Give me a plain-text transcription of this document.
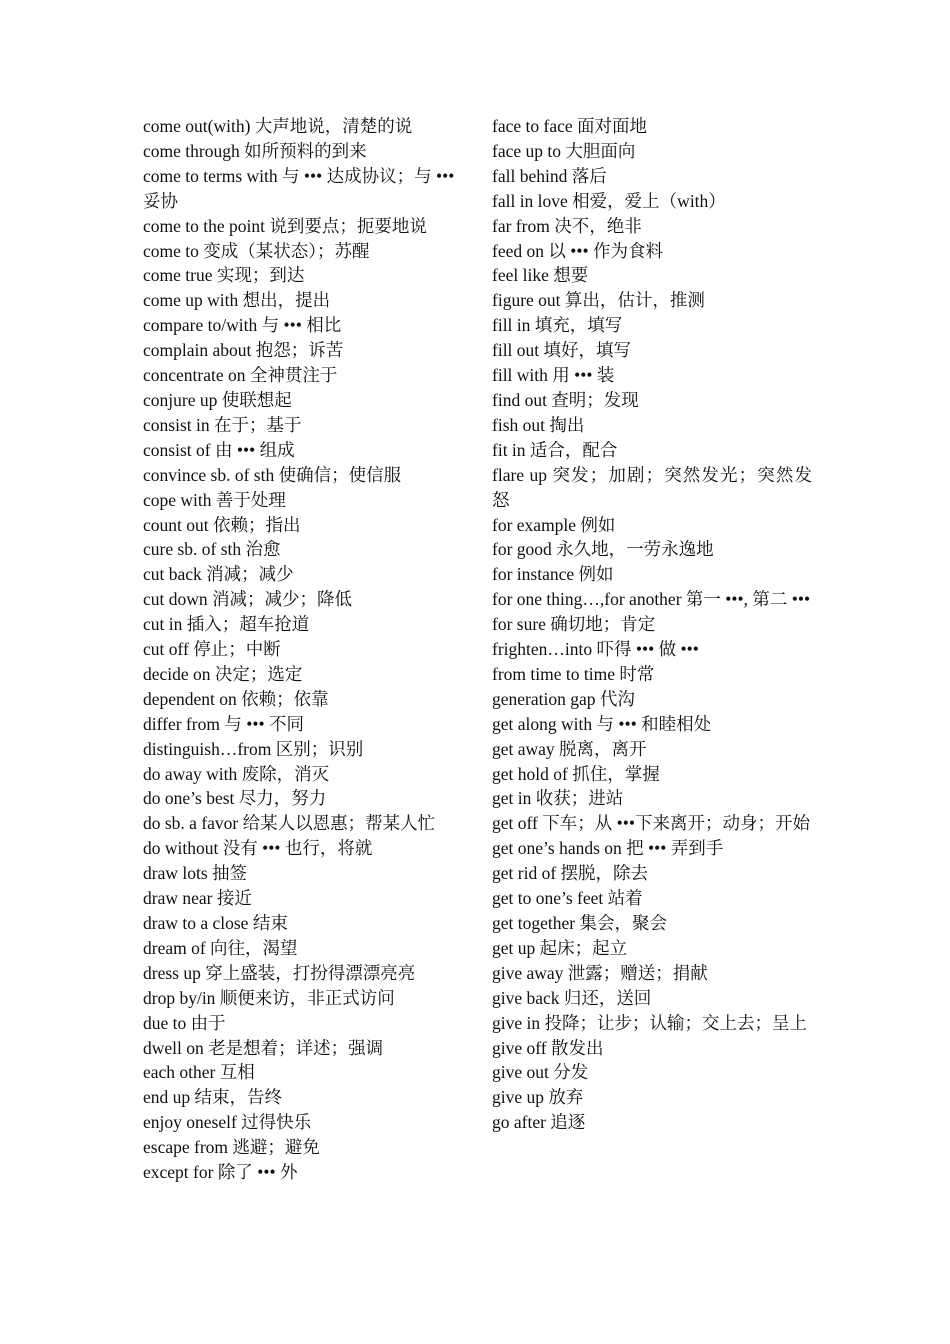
come out(with) 大声地说，清楚的说
come through 如所预料的到来
come to terms with 与 ••• 达成协议；与 ••• 妥协
come to the point 说到要点；扼要地说
come to 变成（某状态）；苏醒
come true 实现；到达
come up with 想出，提出
compare to/with 与 ••• 相比
complain about 抱怨；诉苦
concentrate on 全神贯注于
conjure up 使联想起
consist in 在于；基于
consist of 由 ••• 组成
convince sb. of sth 使确信；使信服
cope with 善于处理
count out 依赖；指出
cure sb. of sth 治愈
cut back 消减；减少
cut down 消减；减少；降低
cut in 插入；超车抢道
cut off 停止；中断
decide on 决定；选定
dependent on 依赖；依靠
differ from 与 ••• 不同
distinguish…from 区别；识别
do away with 废除，消灭
do one’s best 尽力，努力
do sb. a favor 给某人以恩惠；帮某人忙
do without 没有 ••• 也行，将就
draw lots 抽签
draw near 接近
draw to a close 结束
dream of 向往，渴望
dress up 穿上盛装，打扮得漂漂亮亮
drop by/in 顺便来访，非正式访问
due to 由于
dwell on 老是想着；详述；强调
each other 互相
end up 结束，告终
enjoy oneself 过得快乐
escape from 逃避；避免
except for 除了 ••• 外
face to face 面对面地
face up to 大胆面向
fall behind 落后
fall in love 相爱，爱上（with）
far from 决不，绝非
feed on 以 ••• 作为食料
feel like 想要
figure out 算出，估计，推测
fill in 填充，填写
fill out 填好，填写
fill with 用 ••• 装
find out 查明；发现
fish out 掏出
fit in 适合，配合
flare up 突发；加剧；突然发光；突然发怒
for example 例如
for good 永久地，一劳永逸地
for instance 例如
for one thing…,for another 第一 •••, 第二 •••
for sure 确切地；肯定
frighten…into 吓得 ••• 做 •••
from time to time 时常
generation gap 代沟
get along with 与 ••• 和睦相处
get away 脱离，离开
get hold of 抓住，掌握
get in 收获；进站
get off 下车；从 •••下来离开；动身；开始
get one’s hands on 把 ••• 弄到手
get rid of 摆脱，除去
get to one’s feet 站着
get together 集会，聚会
get up 起床；起立
give away 泄露；赠送；捐献
give back 归还，送回
give in 投降；让步；认输；交上去；呈上
give off 散发出
give out 分发
give up 放弃
go after 追逐
